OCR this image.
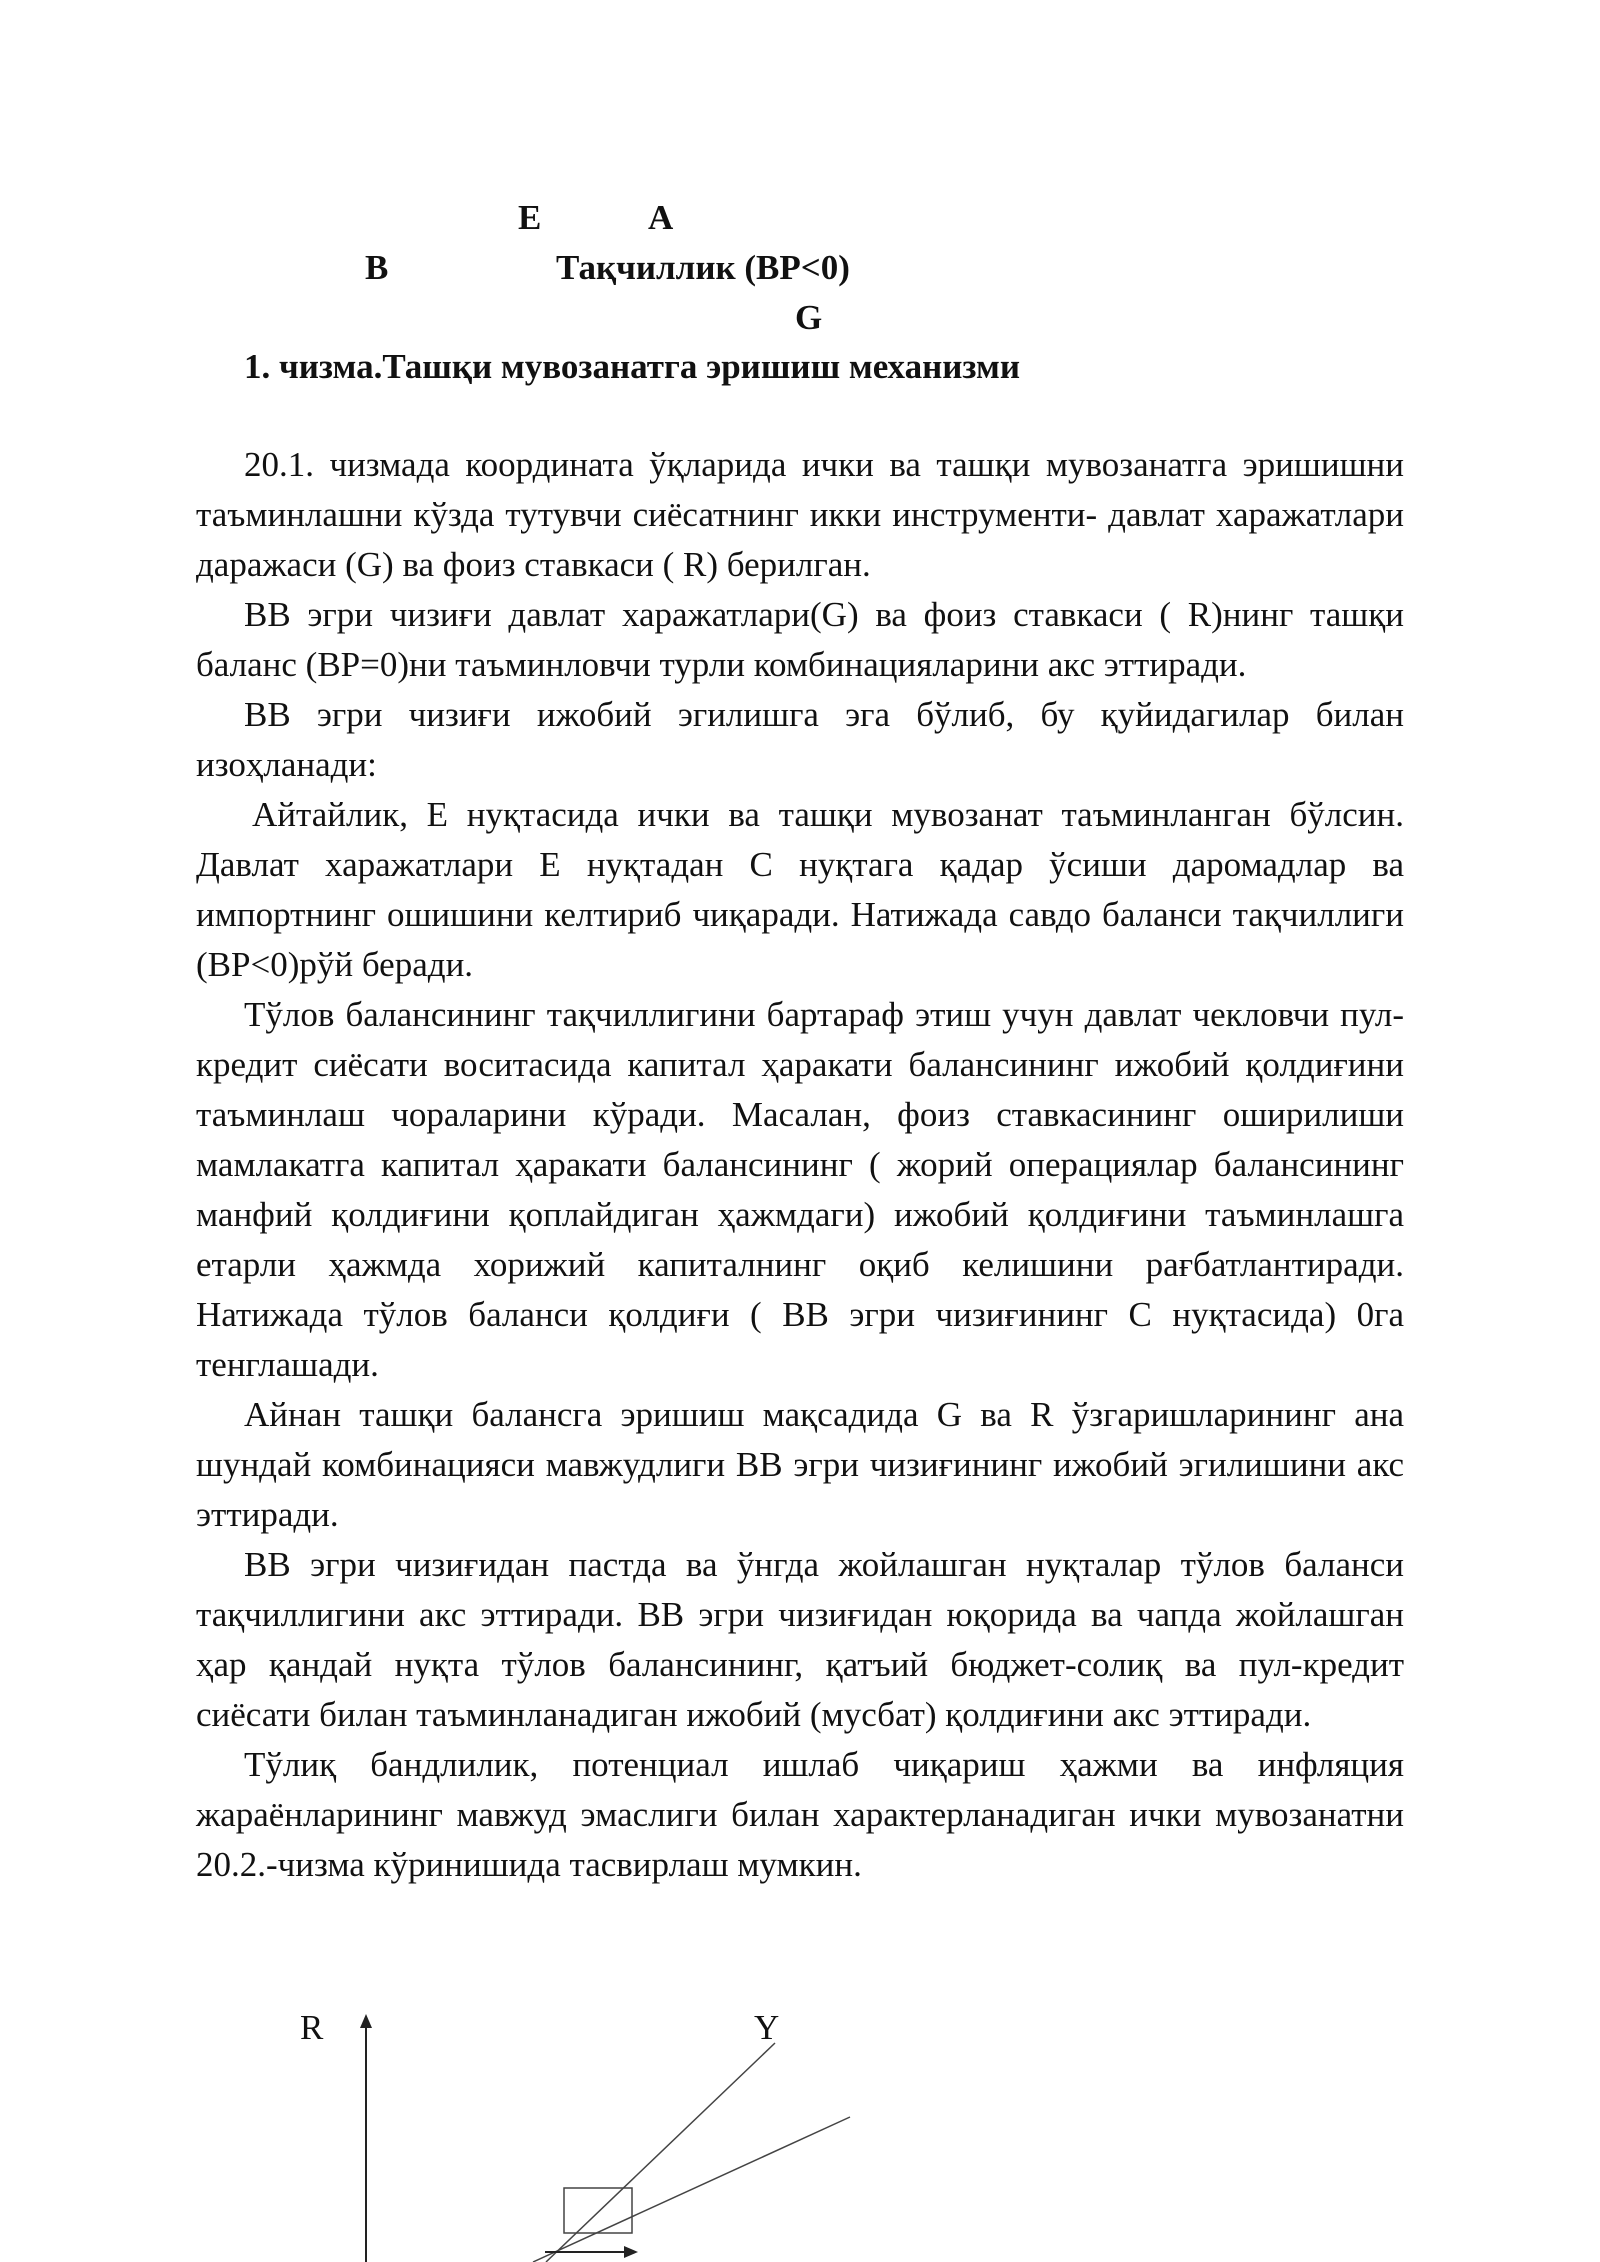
E	A
B	Тақчиллик (BP<0)
G
1. чизма.Ташқи мувозанатга эришиш механизми

20.1. чизмада координата ўқларида ички ва ташқи мувозанатга эришишни таъминлашни кўзда тутувчи сиёсатнинг икки инструменти- давлат харажатлари даражаси (G) ва фоиз ставкаси ( R) берилган.

BB эгри чизиғи давлат харажатлари(G) ва фоиз ставкаси ( R)нинг ташқи баланс (BP=0)ни таъминловчи турли комбинацияларини акс эттиради.

BB эгри чизиғи ижобий эгилишга эга бўлиб, бу қуйидагилар билан изоҳланади:

Айтайлик, E нуқтасида ички ва ташқи мувозанат таъминланган бўлсин. Давлат харажатлари E нуқтадан C нуқтага қадар ўсиши даромадлар ва импортнинг ошишини келтириб чиқаради. Натижада савдо баланси тақчиллиги (BP<0)рўй беради.

Тўлов балансининг тақчиллигини бартараф этиш учун давлат чекловчи пул-кредит сиёсати воситасида капитал ҳаракати балансининг ижобий қолдиғини таъминлаш чораларини кўради. Масалан, фоиз ставкасининг оширилиши мамлакатга капитал ҳаракати балансининг ( жорий операциялар балансининг манфий қолдиғини қоплайдиган ҳажмдаги) ижобий қолдиғини таъминлашга етарли ҳажмда хорижий капиталнинг оқиб келишини рағбатлантиради. Натижада тўлов баланси қолдиғи ( BB эгри чизиғининг C нуқтасида) 0га тенглашади.

Айнан ташқи балансга эришиш мақсадида G ва R ўзгаришларининг ана шундай комбинацияси мавжудлиги BB эгри чизиғининг ижобий эгилишини акс эттиради.

BB эгри чизиғидан пастда ва ўнгда жойлашган нуқталар тўлов баланси тақчиллигини акс эттиради. BB эгри чизиғидан юқорида ва чапда жойлашган ҳар қандай нуқта тўлов балансининг, қатъий бюджет-солиқ ва пул-кредит сиёсати билан таъминланадиган ижобий (мусбат) қолдиғини акс эттиради.

Тўлиқ бандлилик, потенциал ишлаб чиқариш ҳажми ва инфляция жараёнларининг мавжуд эмаслиги билан характерланадиган ички мувозанатни 20.2.-чизма кўринишида тасвирлаш мумкин.

R	Y
